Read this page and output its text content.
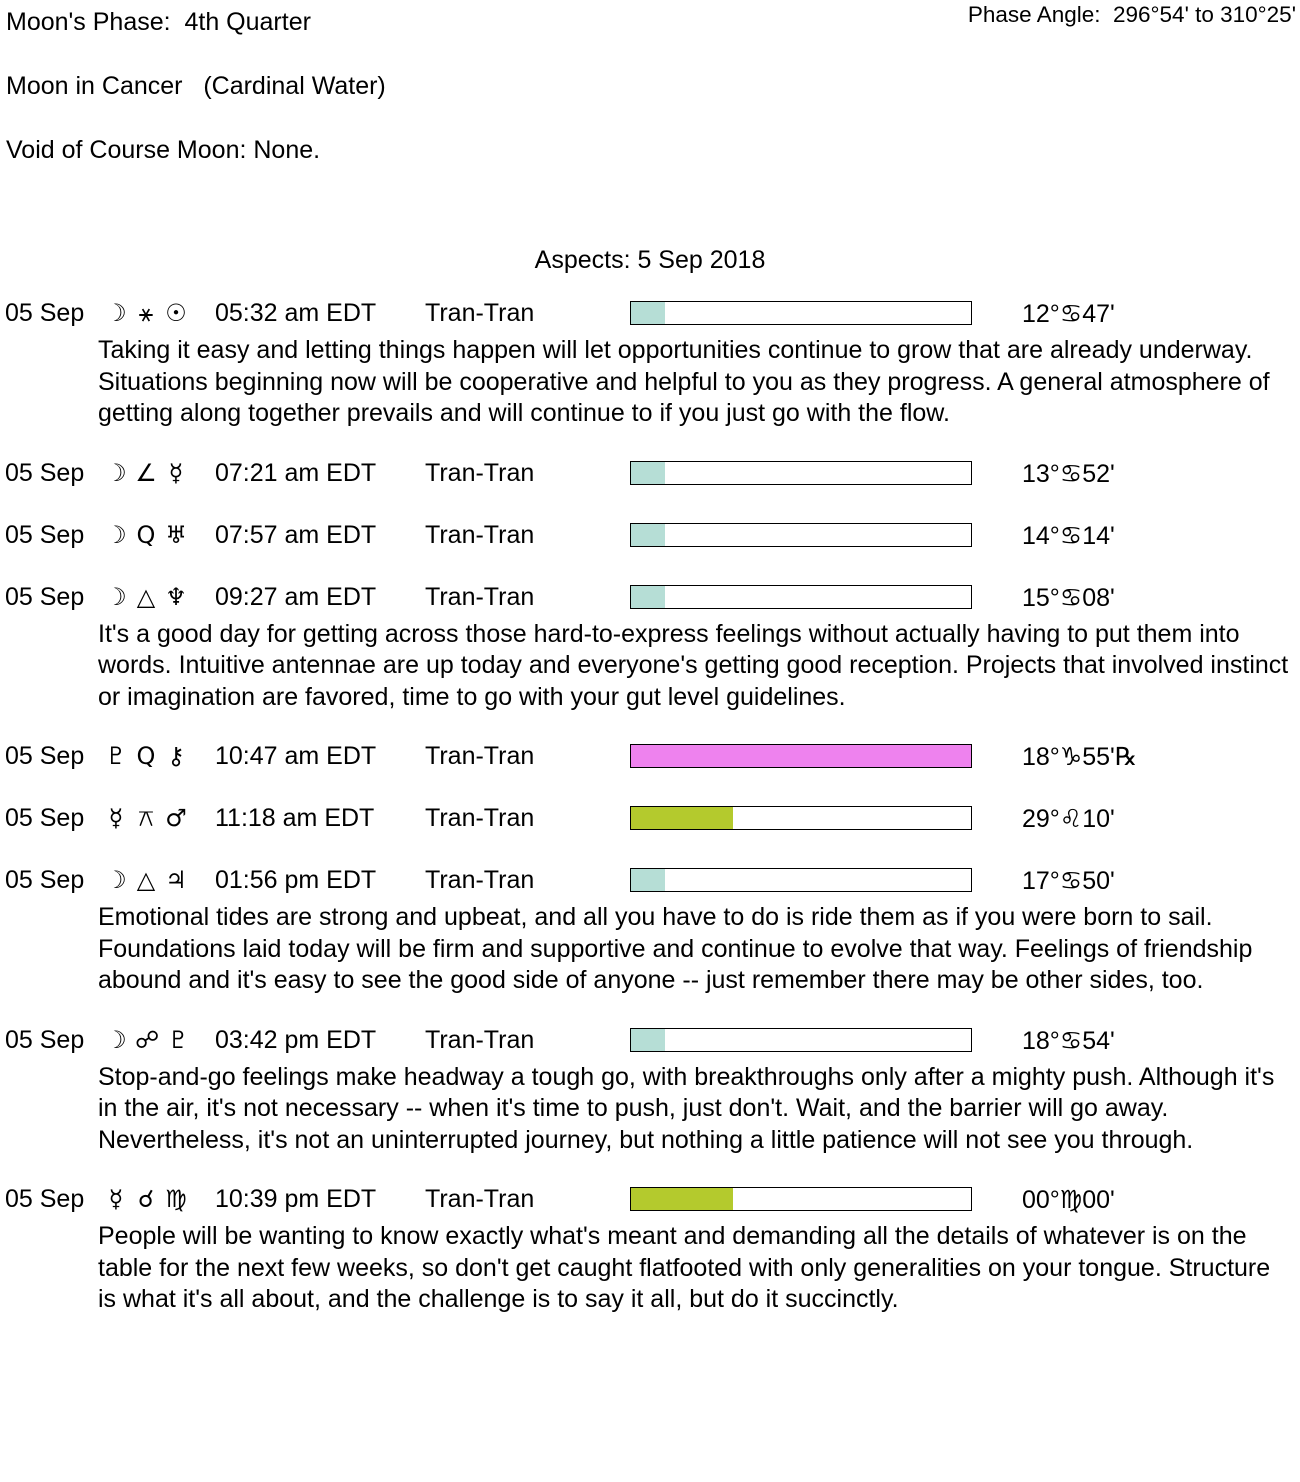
Moon's Phase:  4th Quarter	Phase Angle:  296°54' to 310°25'
Moon in Cancer   (Cardinal Water)
Void of Course Moon: None.
Aspects: 5 Sep 2018
05 Sep ☽ ⚹ ☉ 05:32 am EDT	Tran-Tran	12°♋47'
Taking it easy and letting things happen will let opportunities continue to grow that are already underway. Situations beginning now will be cooperative and helpful to you as they progress. A general atmosphere of getting along together prevails and will continue to if you just go with the flow.
05 Sep ☽ ∠ ☿ 07:21 am EDT	Tran-Tran	13°♋52'
05 Sep ☽ Q ♅ 07:57 am EDT	Tran-Tran	14°♋14'
05 Sep ☽ △ ♆ 09:27 am EDT	Tran-Tran	15°♋08'
It's a good day for getting across those hard-to-express feelings without actually having to put them into words. Intuitive antennae are up today and everyone's getting good reception. Projects that involved instinct or imagination are favored, time to go with your gut level guidelines.
05 Sep ♇ Q ⚷ 10:47 am EDT	Tran-Tran	18°♑55'℞
05 Sep	☿ ⚻ ♂ 11:18 am EDT	Tran-Tran	29°♌10'
05 Sep ☽ △ ♃ 01:56 pm EDT	Tran-Tran	17°♋50'
Emotional tides are strong and upbeat, and all you have to do is ride them as if you were born to sail. Foundations laid today will be firm and supportive and continue to evolve that way. Feelings of friendship abound and it's easy to see the good side of anyone -- just remember there may be other sides, too.
05 Sep ☽ ☍ ♇ 03:42 pm EDT	Tran-Tran	18°♋54'
Stop-and-go feelings make headway a tough go, with breakthroughs only after a mighty push. Although it's in the air, it's not necessary -- when it's time to push, just don't. Wait, and the barrier will go away. Nevertheless, it's not an uninterrupted journey, but nothing a little patience will not see you through.
05 Sep	☿ ☌ ♍ 10:39 pm EDT	Tran-Tran	00°♍00'
People will be wanting to know exactly what's meant and demanding all the details of whatever is on the table for the next few weeks, so don't get caught flatfooted with only generalities on your tongue. Structure is what it's all about, and the challenge is to say it all, but do it succinctly.
